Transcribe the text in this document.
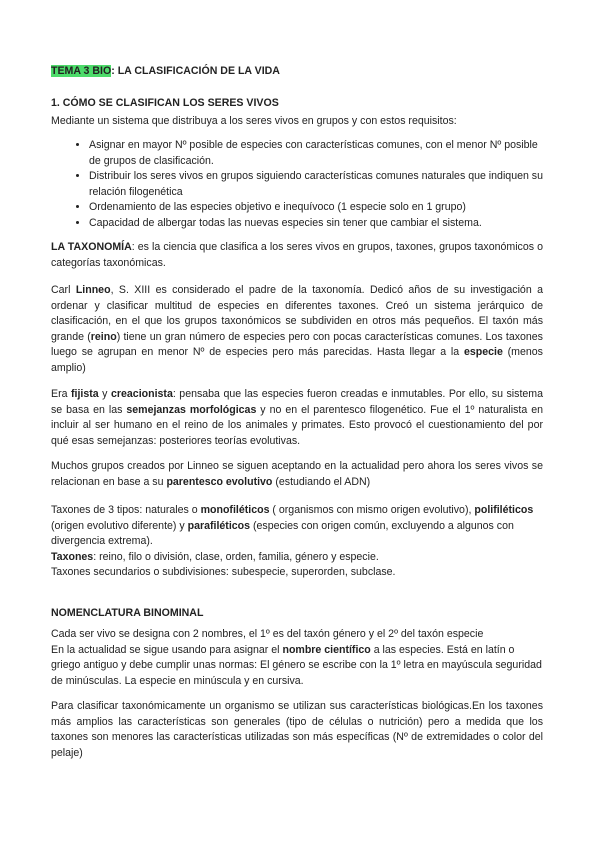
TEMA 3 BIO: LA CLASIFICACIÓN DE LA VIDA
1. CÓMO SE CLASIFICAN LOS SERES VIVOS
Mediante un sistema que distribuya a los seres vivos en grupos y con estos requisitos:
• Asignar en mayor Nº posible de especies con características comunes, con el menor Nº posible de grupos de clasificación.
• Distribuir los seres vivos en grupos siguiendo características comunes naturales que indiquen su relación filogenética
• Ordenamiento de las especies objetivo e inequívoco (1 especie solo en 1 grupo)
• Capacidad de albergar todas las nuevas especies sin tener que cambiar el sistema.
LA TAXONOMÍA: es la ciencia que clasifica a los seres vivos en grupos, taxones, grupos taxonómicos o categorías taxonómicas.
Carl Linneo, S. XIII es considerado el padre de la taxonomía. Dedicó años de su investigación a ordenar y clasificar multitud de especies en diferentes taxones. Creó un sistema jerárquico de clasificación, en el que los grupos taxonómicos se subdividen en otros más pequeños. El taxón más grande (reino) tiene un gran número de especies pero con pocas características comunes. Los taxones luego se agrupan en menor Nº de especies pero más parecidas. Hasta llegar a la especie (menos amplio)
Era fijista y creacionista: pensaba que las especies fueron creadas e inmutables. Por ello, su sistema se basa en las semejanzas morfológicas y no en el parentesco filogenético. Fue el 1º naturalista en incluir al ser humano en el reino de los animales y primates. Esto provocó el cuestionamiento del por qué esas semejanzas: posteriores teorías evolutivas.
Muchos grupos creados por Linneo se siguen aceptando en la actualidad pero ahora los seres vivos se relacionan en base a su parentesco evolutivo (estudiando el ADN)
Taxones de 3 tipos: naturales o monofiléticos ( organismos con mismo origen evolutivo), polifiléticos (origen evolutivo diferente) y parafiléticos (especies con origen común, excluyendo a algunos con divergencia extrema).
Taxones: reino, filo o división, clase, orden, familia, género y especie.
Taxones secundarios o subdivisiones: subespecie, superorden, subclase.
NOMENCLATURA BINOMINAL
Cada ser vivo se designa con 2 nombres, el 1º es del taxón género y el 2º del taxón especie
En la actualidad se sigue usando para asignar el nombre científico a las especies. Está en latín o griego antiguo y debe cumplir unas normas: El género se escribe con la 1º letra en mayúscula seguridad de minúsculas. La especie en minúscula y en cursiva.
Para clasificar taxonómicamente un organismo se utilizan sus características biológicas.En los taxones más amplios las características son generales (tipo de células o nutrición) pero a medida que los taxones son menores las características utilizadas son más específicas (Nº de extremidades o color del pelaje)
